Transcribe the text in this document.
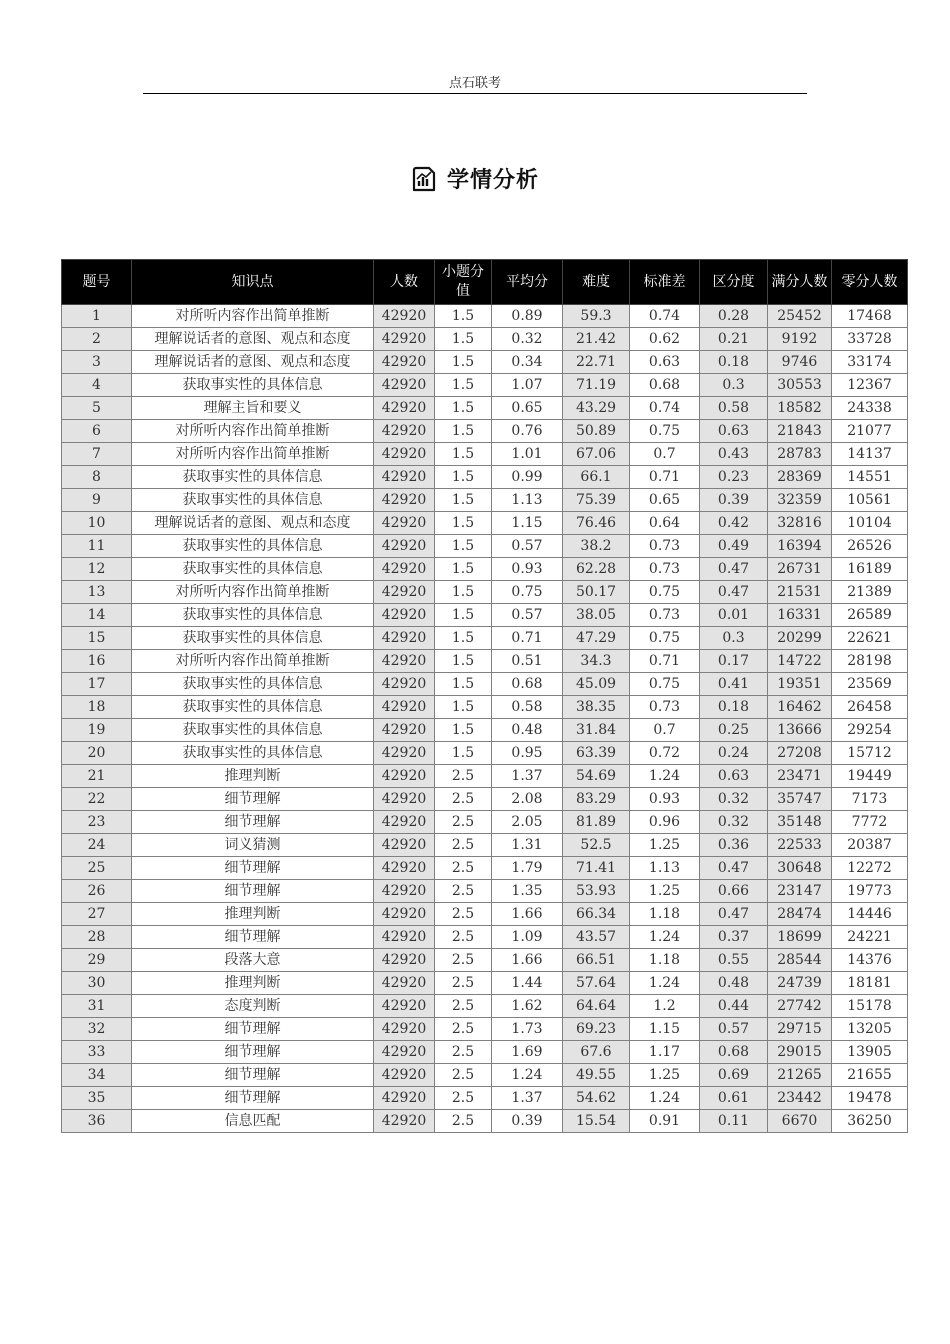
点石联考
学情分析
题号	知识点	人数	小题分值	平均分	难度	标准差	区分度	满分人数	零分人数
1	对所听内容作出简单推断	42920	1.5	0.89	59.3	0.74	0.28	25452	17468
2	理解说话者的意图、观点和态度	42920	1.5	0.32	21.42	0.62	0.21	9192	33728
3	理解说话者的意图、观点和态度	42920	1.5	0.34	22.71	0.63	0.18	9746	33174
4	获取事实性的具体信息	42920	1.5	1.07	71.19	0.68	0.3	30553	12367
5	理解主旨和要义	42920	1.5	0.65	43.29	0.74	0.58	18582	24338
6	对所听内容作出简单推断	42920	1.5	0.76	50.89	0.75	0.63	21843	21077
7	对所听内容作出简单推断	42920	1.5	1.01	67.06	0.7	0.43	28783	14137
8	获取事实性的具体信息	42920	1.5	0.99	66.1	0.71	0.23	28369	14551
9	获取事实性的具体信息	42920	1.5	1.13	75.39	0.65	0.39	32359	10561
10	理解说话者的意图、观点和态度	42920	1.5	1.15	76.46	0.64	0.42	32816	10104
11	获取事实性的具体信息	42920	1.5	0.57	38.2	0.73	0.49	16394	26526
12	获取事实性的具体信息	42920	1.5	0.93	62.28	0.73	0.47	26731	16189
13	对所听内容作出简单推断	42920	1.5	0.75	50.17	0.75	0.47	21531	21389
14	获取事实性的具体信息	42920	1.5	0.57	38.05	0.73	0.01	16331	26589
15	获取事实性的具体信息	42920	1.5	0.71	47.29	0.75	0.3	20299	22621
16	对所听内容作出简单推断	42920	1.5	0.51	34.3	0.71	0.17	14722	28198
17	获取事实性的具体信息	42920	1.5	0.68	45.09	0.75	0.41	19351	23569
18	获取事实性的具体信息	42920	1.5	0.58	38.35	0.73	0.18	16462	26458
19	获取事实性的具体信息	42920	1.5	0.48	31.84	0.7	0.25	13666	29254
20	获取事实性的具体信息	42920	1.5	0.95	63.39	0.72	0.24	27208	15712
21	推理判断	42920	2.5	1.37	54.69	1.24	0.63	23471	19449
22	细节理解	42920	2.5	2.08	83.29	0.93	0.32	35747	7173
23	细节理解	42920	2.5	2.05	81.89	0.96	0.32	35148	7772
24	词义猜测	42920	2.5	1.31	52.5	1.25	0.36	22533	20387
25	细节理解	42920	2.5	1.79	71.41	1.13	0.47	30648	12272
26	细节理解	42920	2.5	1.35	53.93	1.25	0.66	23147	19773
27	推理判断	42920	2.5	1.66	66.34	1.18	0.47	28474	14446
28	细节理解	42920	2.5	1.09	43.57	1.24	0.37	18699	24221
29	段落大意	42920	2.5	1.66	66.51	1.18	0.55	28544	14376
30	推理判断	42920	2.5	1.44	57.64	1.24	0.48	24739	18181
31	态度判断	42920	2.5	1.62	64.64	1.2	0.44	27742	15178
32	细节理解	42920	2.5	1.73	69.23	1.15	0.57	29715	13205
33	细节理解	42920	2.5	1.69	67.6	1.17	0.68	29015	13905
34	细节理解	42920	2.5	1.24	49.55	1.25	0.69	21265	21655
35	细节理解	42920	2.5	1.37	54.62	1.24	0.61	23442	19478
36	信息匹配	42920	2.5	0.39	15.54	0.91	0.11	6670	36250
